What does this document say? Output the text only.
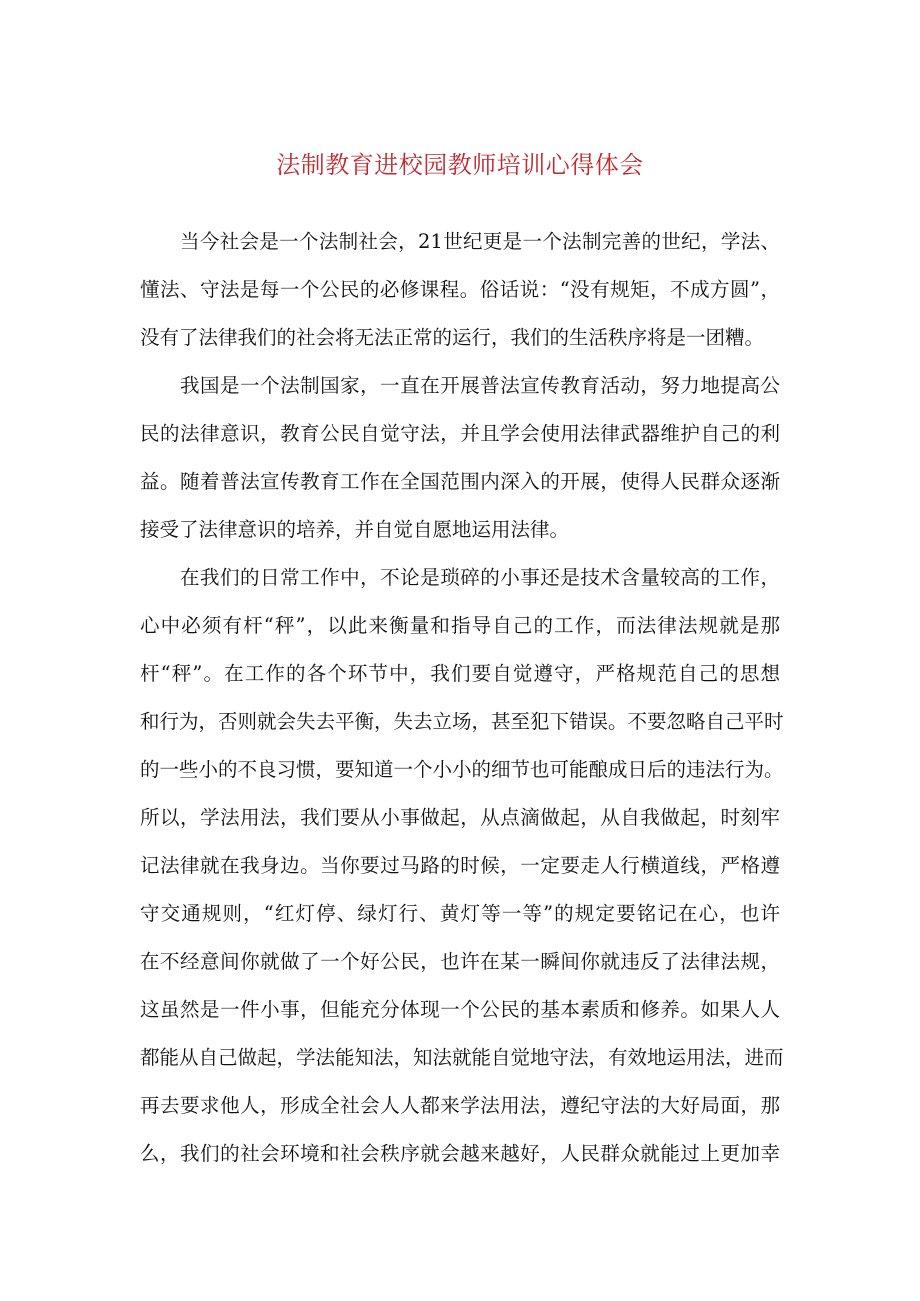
法制教育进校园教师培训心得体会
当今社会是一个法制社会，21世纪更是一个法制完善的世纪，学法、
懂法、守法是每一个公民的必修课程。俗话说：“没有规矩，不成方圆”，
没有了法律我们的社会将无法正常的运行，我们的生活秩序将是一团糟。
我国是一个法制国家，一直在开展普法宣传教育活动，努力地提高公
民的法律意识，教育公民自觉守法，并且学会使用法律武器维护自己的利
益。随着普法宣传教育工作在全国范围内深入的开展，使得人民群众逐渐
接受了法律意识的培养，并自觉自愿地运用法律。
在我们的日常工作中，不论是琐碎的小事还是技术含量较高的工作，
心中必须有杆“秤”，以此来衡量和指导自己的工作，而法律法规就是那
杆“秤”。在工作的各个环节中，我们要自觉遵守，严格规范自己的思想
和行为，否则就会失去平衡，失去立场，甚至犯下错误。不要忽略自己平时
的一些小的不良习惯，要知道一个小小的细节也可能酿成日后的违法行为。
所以，学法用法，我们要从小事做起，从点滴做起，从自我做起，时刻牢
记法律就在我身边。当你要过马路的时候，一定要走人行横道线，严格遵
守交通规则，“红灯停、绿灯行、黄灯等一等”的规定要铭记在心，也许
在不经意间你就做了一个好公民，也许在某一瞬间你就违反了法律法规，
这虽然是一件小事，但能充分体现一个公民的基本素质和修养。如果人人
都能从自己做起，学法能知法，知法就能自觉地守法，有效地运用法，进而
再去要求他人，形成全社会人人都来学法用法，遵纪守法的大好局面，那
么，我们的社会环境和社会秩序就会越来越好，人民群众就能过上更加幸
